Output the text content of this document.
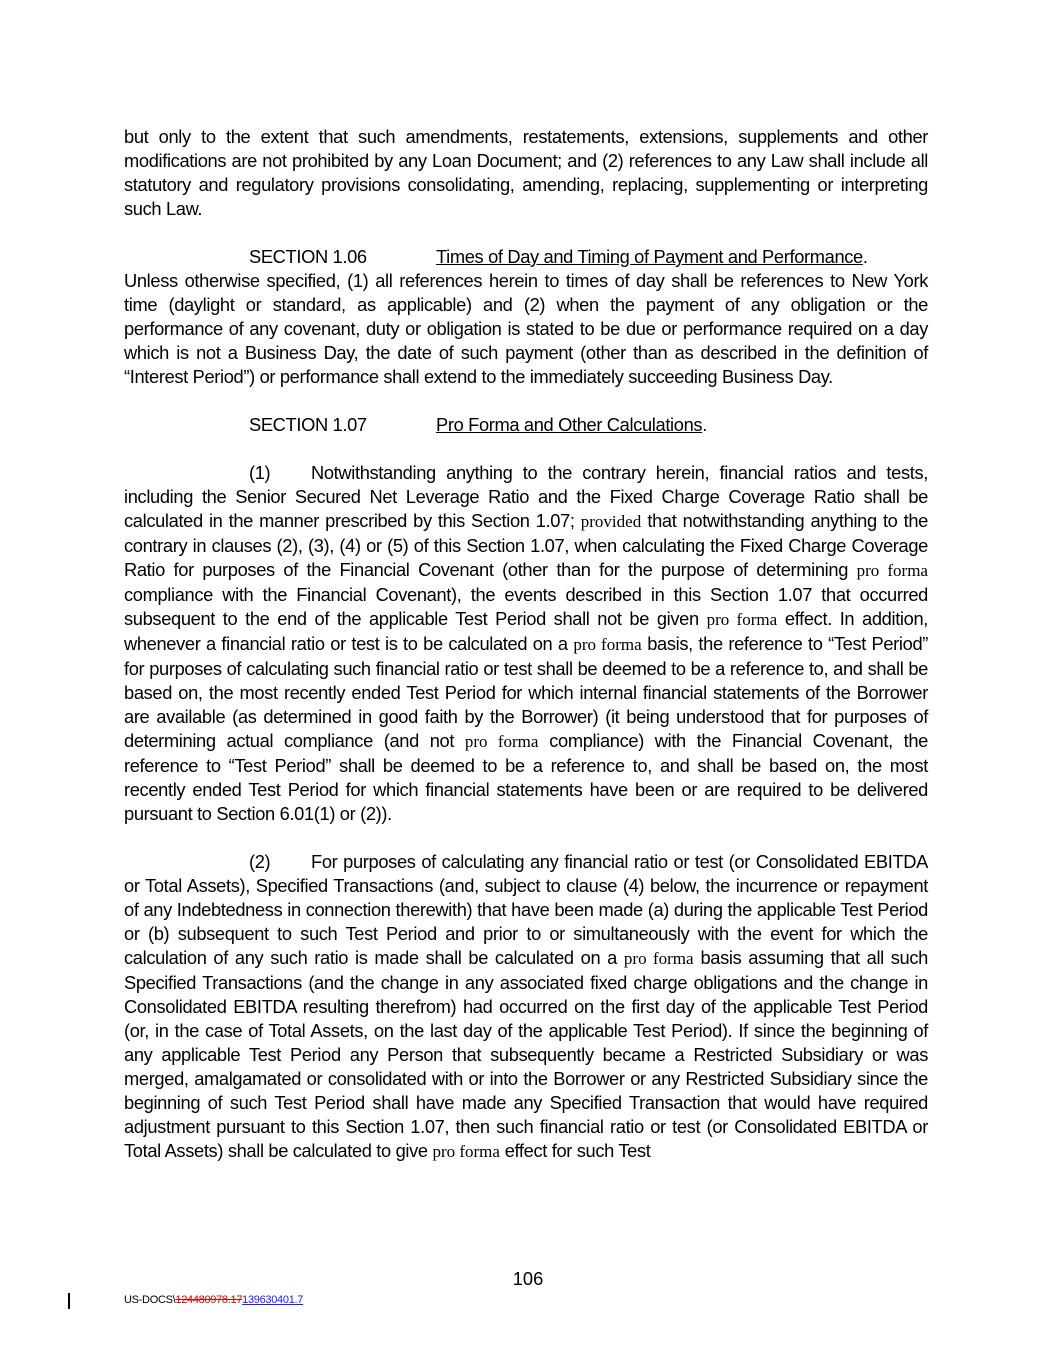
but only to the extent that such amendments, restatements, extensions, supplements and other modifications are not prohibited by any Loan Document; and (2) references to any Law shall include all statutory and regulatory provisions consolidating, amending, replacing, supplementing or interpreting such Law.

SECTION 1.06	Times of Day and Timing of Payment and Performance.

Unless otherwise specified, (1) all references herein to times of day shall be references to New York time (daylight or standard, as applicable) and (2) when the payment of any obligation or the performance of any covenant, duty or obligation is stated to be due or performance required on a day which is not a Business Day, the date of such payment (other than as described in the definition of “Interest Period”) or performance shall extend to the immediately succeeding Business Day.

SECTION 1.07	Pro Forma and Other Calculations.

(1) Notwithstanding anything to the contrary herein, financial ratios and tests, including the Senior Secured Net Leverage Ratio and the Fixed Charge Coverage Ratio shall be calculated in the manner prescribed by this Section 1.07; provided that notwithstanding anything to the contrary in clauses (2), (3), (4) or (5) of this Section 1.07, when calculating the Fixed Charge Coverage Ratio for purposes of the Financial Covenant (other than for the purpose of determining pro forma compliance with the Financial Covenant), the events described in this Section 1.07 that occurred subsequent to the end of the applicable Test Period shall not be given pro forma effect. In addition, whenever a financial ratio or test is to be calculated on a pro forma basis, the reference to “Test Period” for purposes of calculating such financial ratio or test shall be deemed to be a reference to, and shall be based on, the most recently ended Test Period for which internal financial statements of the Borrower are available (as determined in good faith by the Borrower) (it being understood that for purposes of determining actual compliance (and not pro forma compliance) with the Financial Covenant, the reference to “Test Period” shall be deemed to be a reference to, and shall be based on, the most recently ended Test Period for which financial statements have been or are required to be delivered pursuant to Section 6.01(1) or (2)).

(2) For purposes of calculating any financial ratio or test (or Consolidated EBITDA or Total Assets), Specified Transactions (and, subject to clause (4) below, the incurrence or repayment of any Indebtedness in connection therewith) that have been made (a) during the applicable Test Period or (b) subsequent to such Test Period and prior to or simultaneously with the event for which the calculation of any such ratio is made shall be calculated on a pro forma basis assuming that all such Specified Transactions (and the change in any associated fixed charge obligations and the change in Consolidated EBITDA resulting therefrom) had occurred on the first day of the applicable Test Period (or, in the case of Total Assets, on the last day of the applicable Test Period). If since the beginning of any applicable Test Period any Person that subsequently became a Restricted Subsidiary or was merged, amalgamated or consolidated with or into the Borrower or any Restricted Subsidiary since the beginning of such Test Period shall have made any Specified Transaction that would have required adjustment pursuant to this Section 1.07, then such financial ratio or test (or Consolidated EBITDA or Total Assets) shall be calculated to give pro forma effect for such Test

106
US-DOCS\124480978.17139630401.7
